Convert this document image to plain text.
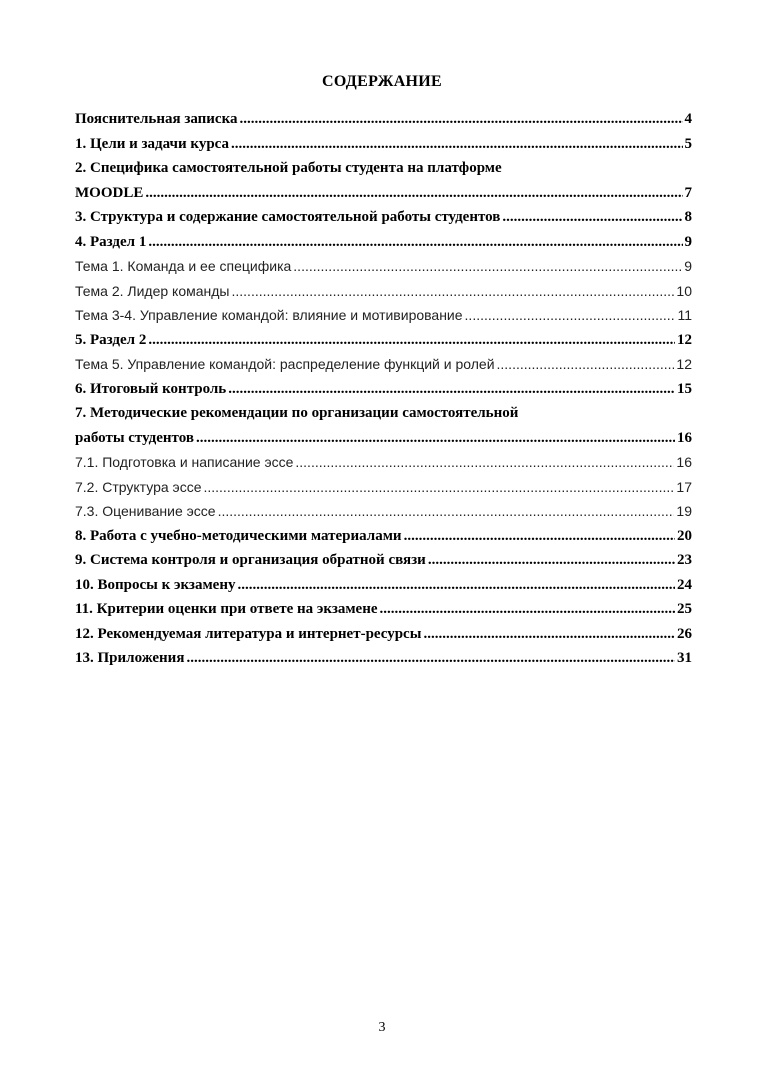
СОДЕРЖАНИЕ
Пояснительная записка .....	4
1. Цели и задачи курса .....	5
2. Специфика самостоятельной работы студента на платформе
MOODLE .....	7
3. Структура и содержание самостоятельной работы студентов .....	8
4. Раздел 1 .....	9
Тема 1. Команда и ее специфика .....	9
Тема 2. Лидер команды .....	10
Тема 3-4. Управление командой: влияние и мотивирование .....	11
5. Раздел 2 .....	12
Тема 5. Управление командой: распределение функций и ролей .....	12
6. Итоговый контроль .....	15
7. Методические рекомендации по организации самостоятельной
работы студентов .....	16
7.1. Подготовка и написание эссе .....	16
7.2. Структура эссе .....	17
7.3. Оценивание эссе .....	19
8. Работа с учебно-методическими материалами .....	20
9. Система контроля и организация обратной связи .....	23
10. Вопросы к экзамену .....	24
11. Критерии оценки при ответе на экзамене .....	25
12. Рекомендуемая литература и интернет-ресурсы .....	26
13. Приложения .....	31
3
